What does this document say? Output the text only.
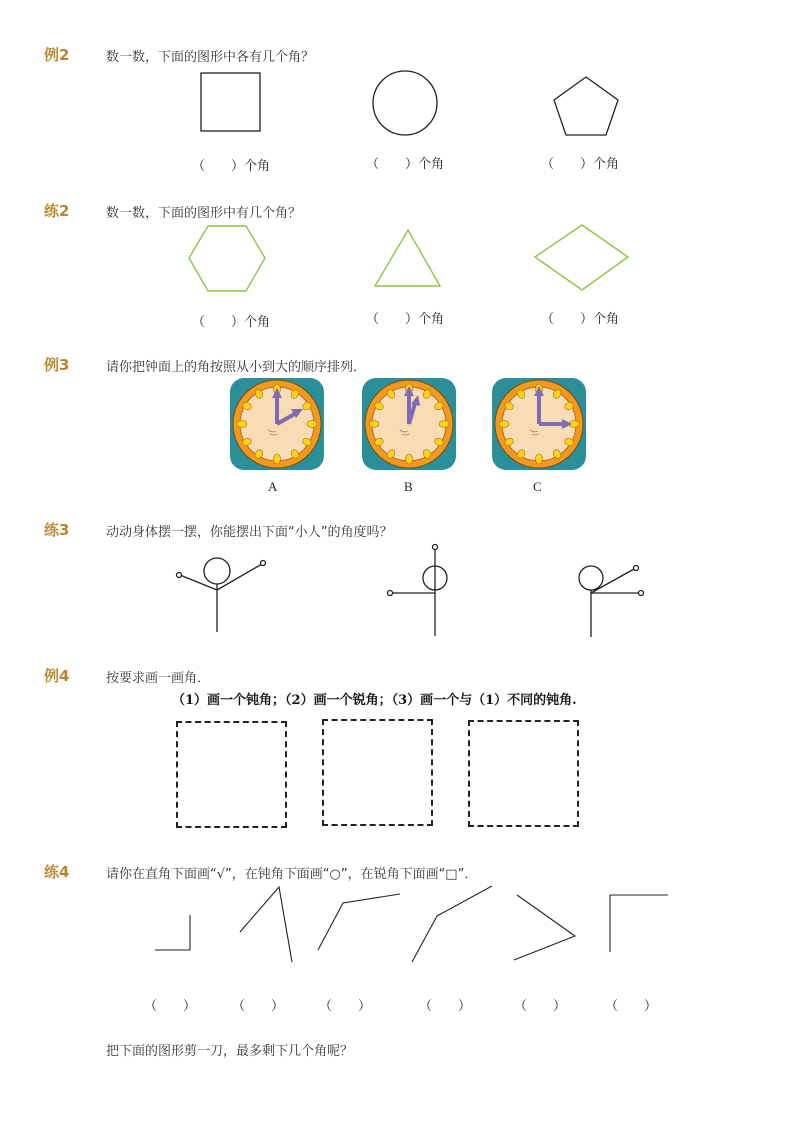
例2	数一数，下面的图形中各有几个角？
（　　）个角	（　　）个角	（　　）个角
练2	数一数，下面的图形中有几个角？
（　　）个角	（　　）个角	（　　）个角
例3	请你把钟面上的角按照从小到大的顺序排列．
A	B	C
练3	动动身体摆一摆，你能摆出下面“小人”的角度吗？
例4	按要求画一画角．
（1）画一个钝角；（2）画一个锐角；（3）画一个与（1）不同的钝角.
练4	请你在直角下面画“√”，在钝角下面画“○”，在锐角下面画“□”．
（　　）	（　　）	（　　）	（　　）	（　　）	（　　）
把下面的图形剪一刀，最多剩下几个角呢？
